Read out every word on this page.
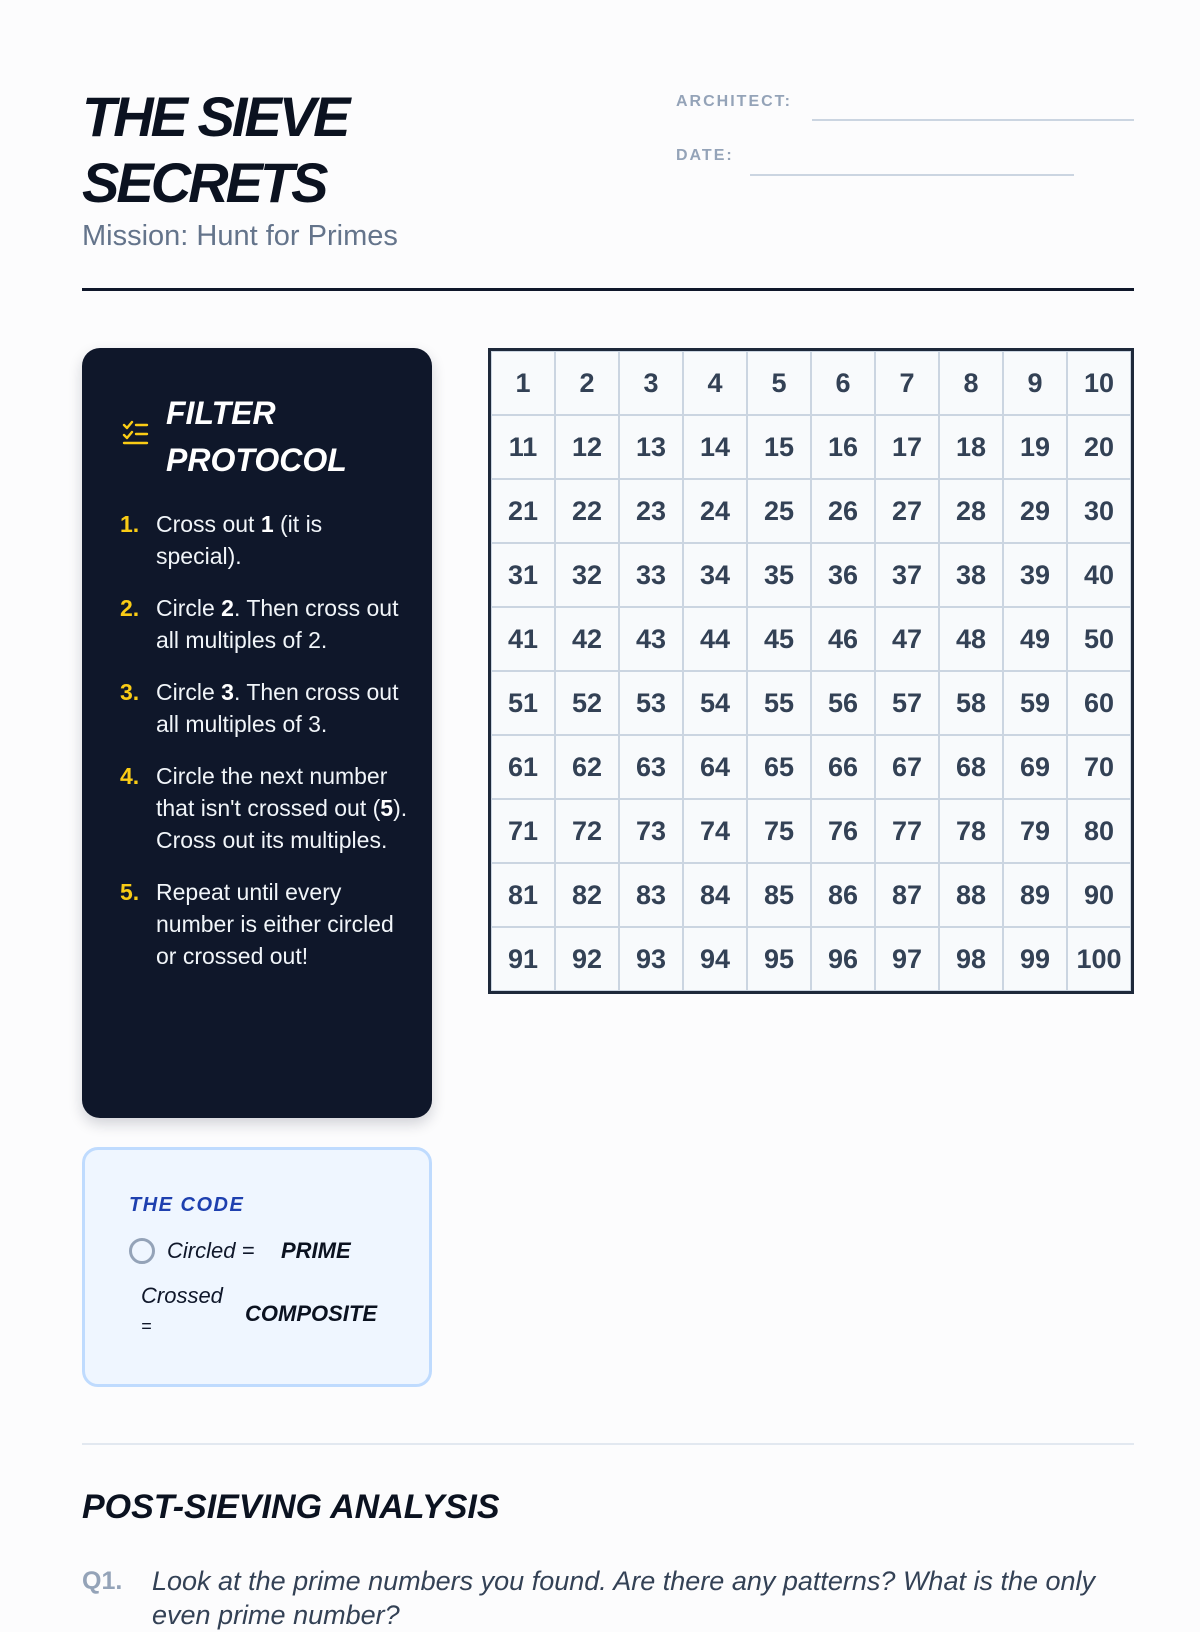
THE SIEVE
SECRETS
Mission: Hunt for Primes
ARCHITECT:
DATE:
FILTER PROTOCOL
1. Cross out 1 (it is special).
2. Circle 2. Then cross out all multiples of 2.
3. Circle 3. Then cross out all multiples of 3.
4. Circle the next number that isn't crossed out (5). Cross out its multiples.
5. Repeat until every number is either circled or crossed out!
THE CODE
Circled = PRIME
Crossed
=	COMPOSITE
1	2	3	4	5	6	7	8	9	10
11	12	13	14	15	16	17	18	19	20
21	22	23	24	25	26	27	28	29	30
31	32	33	34	35	36	37	38	39	40
41	42	43	44	45	46	47	48	49	50
51	52	53	54	55	56	57	58	59	60
61	62	63	64	65	66	67	68	69	70
71	72	73	74	75	76	77	78	79	80
81	82	83	84	85	86	87	88	89	90
91	92	93	94	95	96	97	98	99 100
POST-SIEVING ANALYSIS
Q1. Look at the prime numbers you found. Are there any patterns? What is the only even prime number?
